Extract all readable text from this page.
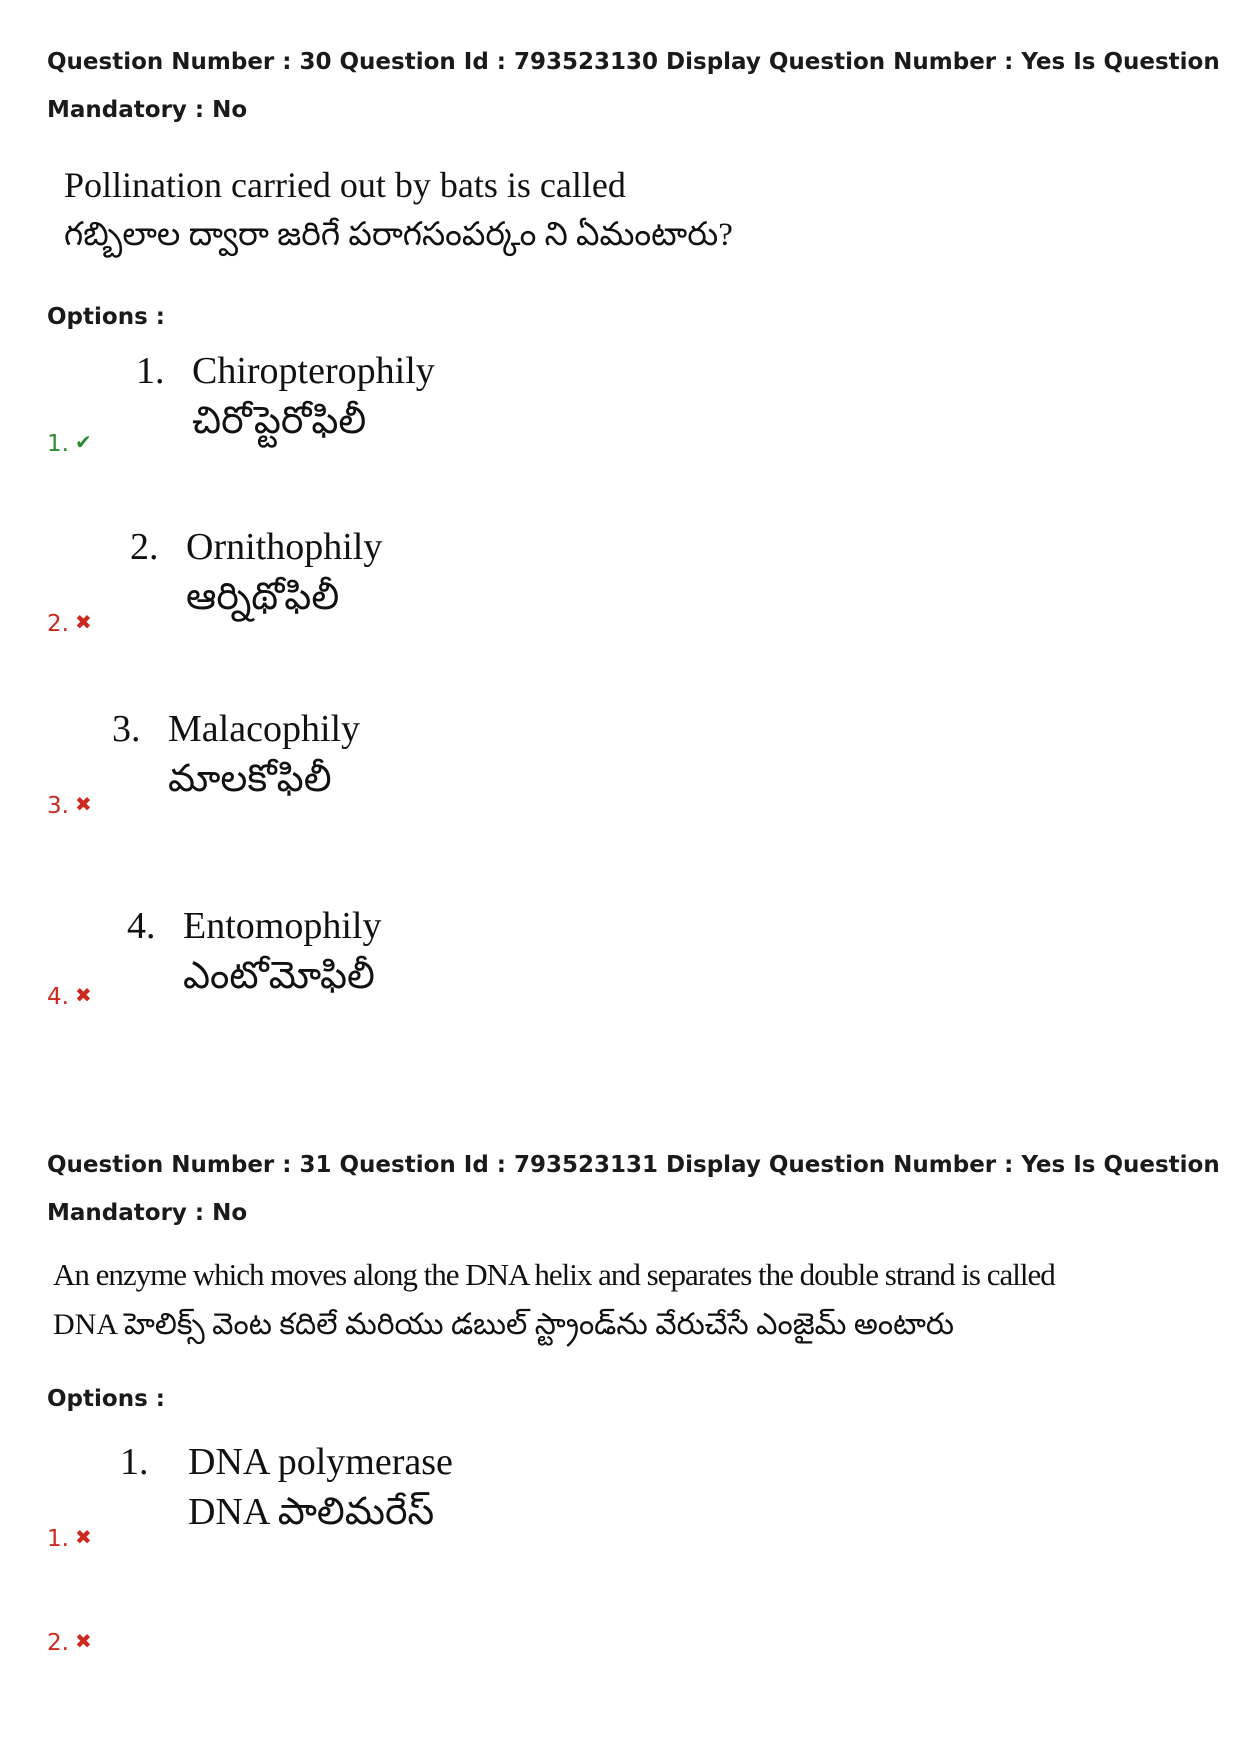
Question Number : 30 Question Id : 793523130 Display Question Number : Yes Is Question
Mandatory : No
Pollination carried out by bats is called
గబ్బిలాల ద్వారా జరిగే పరాగసంపర్కం ని ఏమంటారు?
Options :
1. Chiropterophily
చిరోప్టెరోఫిలీ
1. ✔
2. Ornithophily
ఆర్నిథోఫిలీ
2. ✖
3. Malacophily
మాలకోఫిలీ
3. ✖
4. Entomophily
ఎంటోమోఫిలీ
4. ✖
Question Number : 31 Question Id : 793523131 Display Question Number : Yes Is Question
Mandatory : No
An enzyme which moves along the DNA helix and separates the double strand is called
DNA హెలిక్స్ వెంట కదిలే మరియు డబుల్ స్ట్రాండ్‌ను వేరుచేసే ఎంజైమ్ అంటారు
Options :
1. DNA polymerase
DNA పాలిమరేస్
1. ✖
2. ✖
